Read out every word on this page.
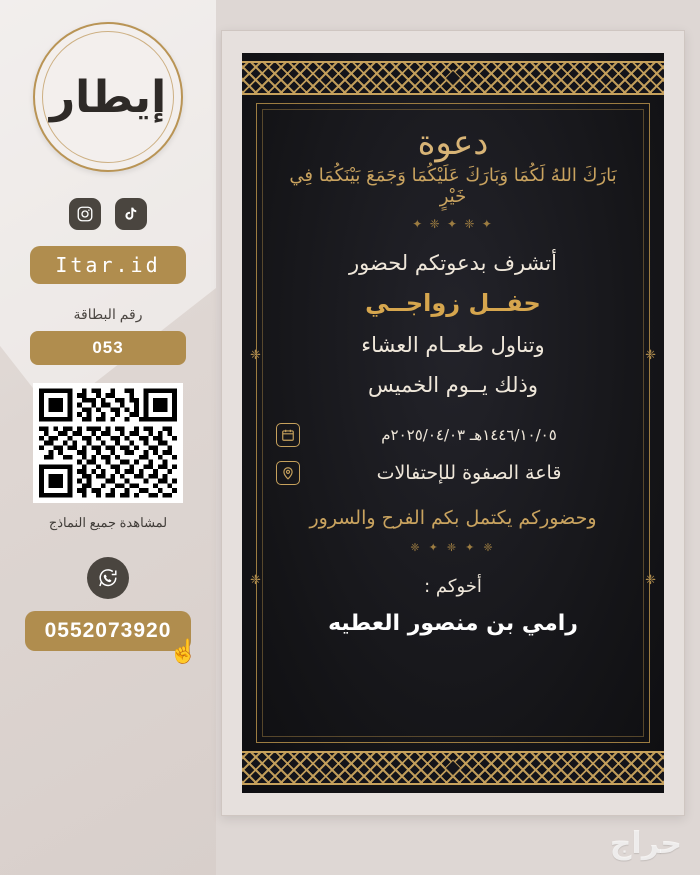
إيطار
Itar.id
رقم البطاقة
053
لمشاهدة جميع النماذج
0552073920
☝
❈	❈
❈	❈
دعوة
بَارَكَ اللهُ لَكُمَا وَبَارَكَ عَلَيْكُمَا وَجَمَعَ بَيْنَكُمَا فِي خَيْرٍ
✦ ❈ ✦ ❈ ✦
أتشرف بدعوتكم لحضور
حفــل زواجــي
وتناول طعــام العشاء
وذلك يــوم الخميس
١٤٤٦/١٠/٠٥هـ ٢٠٢٥/٠٤/٠٣م
قاعة الصفوة للإحتفالات
وحضوركم يكتمل بكم الفرح والسرور
❈ ✦ ❈ ✦ ❈
أخوكم :
رامي بن منصور العطيه
حراج
